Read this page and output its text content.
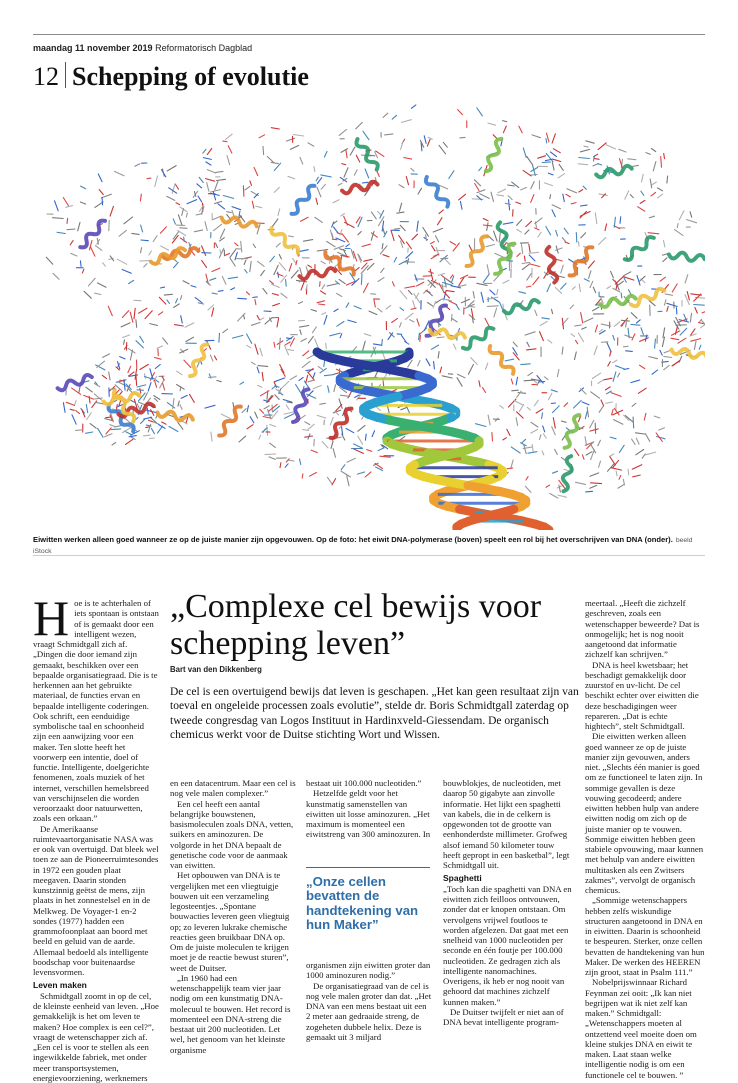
maandag 11 november 2019 Reformatorisch Dagblad
12 Schepping of evolutie
Eiwitten werken alleen goed wanneer ze op de juiste manier zijn opgevouwen. Op de foto: het eiwit DNA-polymerase (boven) speelt een rol bij het overschrijven van DNA (onder). beeld iStock

Hoe is te achterhalen of iets spontaan is ontstaan of is gemaakt door een intelligent wezen, vraagt Schmidtgall zich af. „Dingen die door iemand zijn gemaakt, beschikken over een bepaalde organisatiegraad. Die is te herkennen aan het gebruikte materiaal, de functies ervan en bepaalde intelligente coderingen. Ook schrift, een eenduidige symbolische taal en schoonheid zijn een aanwijzing voor een maker. Ten slotte heeft het voorwerp een intentie, doel of functie. Intelligente, doelgerichte fenomenen, zoals muziek of het internet, verschillen hemelsbreed van verschijnselen die worden veroorzaakt door natuurwetten, zoals een orkaan.”

De Amerikaanse ruimtevaartorganisatie NASA was er ook van overtuigd. Dat bleek wel toen ze aan de Pioneerruimtesondes in 1972 een gouden plaat meegaven. Daarin stonden kunstzinnig geëtst de mens, zijn plaats in het zonnestelsel en in de Melkweg. De Voyager-1 en-2 sondes (1977) hadden een grammofoonplaat aan boord met beeld en geluid van de aarde. Allemaal bedoeld als intelligente boodschap voor buitenaardse levensvormen.

Leven maken

Schmidtgall zoomt in op de cel, de kleinste eenheid van leven. „Hoe gemakkelijk is het om leven te maken? Hoe complex is een cel?”, vraagt de wetenschapper zich af. „Een cel is voor te stellen als een ingewikkelde fabriek, met onder meer transportsystemen, energievoorziening, werknemers

„Complexe cel bewijs voor schepping leven”
Bart van den Dikkenberg

De cel is een overtuigend bewijs dat leven is geschapen. „Het kan geen resultaat zijn van toeval en ongeleide processen zoals evolutie”, stelde dr. Boris Schmidtgall zaterdag op tweede congresdag van Logos Instituut in Hardinxveld-Giessendam. De organisch chemicus werkt voor de Duitse stichting Wort und Wissen.

en een datacentrum. Maar een cel is nog vele malen complexer.”

Een cel heeft een aantal belangrijke bouwstenen, basismoleculen zoals DNA, vetten, suikers en aminozuren. De volgorde in het DNA bepaalt de genetische code voor de aanmaak van eiwitten.

Het opbouwen van DNA is te vergelijken met een vliegtuigje bouwen uit een verzameling legosteentjes. „Spontane bouwacties leveren geen vliegtuig op; zo leveren lukrake chemische reacties geen bruikbaar DNA op. Om de juiste moleculen te krijgen moet je de reactie bewust sturen”, weet de Duitser.

„In 1960 had een wetenschappelijk team vier jaar nodig om een kunstmatig DNA-molecuul te bouwen. Het record is momenteel een DNA-streng die bestaat uit 200 nucleotiden. Let wel, het genoom van het kleinste organisme

bestaat uit 100.000 nucleotiden.”

Hetzelfde geldt voor het kunstmatig samenstellen van eiwitten uit losse aminozuren. „Het maximum is momenteel een eiwitstreng van 300 aminozuren. In

„Onze cellen bevatten de handtekening van hun Maker”

organismen zijn eiwitten groter dan 1000 aminozuren nodig.”

De organisatiegraad van de cel is nog vele malen groter dan dat. „Het DNA van een mens bestaat uit een 2 meter aan gedraaide streng, de zogeheten dubbele helix. Deze is gemaakt uit 3 miljard

bouwblokjes, de nucleotiden, met daarop 50 gigabyte aan zinvolle informatie. Het lijkt een spaghetti van kabels, die in de celkern is opgewonden tot de grootte van eenhonderdste millimeter. Grofweg alsof iemand 50 kilometer touw heeft gepropt in een basketbal”, legt Schmidtgall uit.

Spaghetti

„Toch kan die spaghetti van DNA en eiwitten zich feilloos ontvouwen, zonder dat er knopen ontstaan. Om vervolgens vrijwel foutloos te worden afgelezen. Dat gaat met een snelheid van 1000 nucleotiden per seconde en één foutje per 100.000 nucleotiden. Ze gedragen zich als intelligente nanomachines. Overigens, ik heb er nog nooit van gehoord dat machines zichzelf kunnen maken.”

De Duitser twijfelt er niet aan of DNA bevat intelligente program-

meertaal. „Heeft die zichzelf geschreven, zoals een wetenschapper beweerde? Dat is onmogelijk; het is nog nooit aangetoond dat informatie zichzelf kan schrijven.”

DNA is heel kwetsbaar; het beschadigt gemakkelijk door zuurstof en uv-licht. De cel beschikt echter over eiwitten die deze beschadigingen weer repareren. „Dat is echte hightech”, stelt Schmidtgall.

Die eiwitten werken alleen goed wanneer ze op de juiste manier zijn gevouwen, anders niet. „Slechts één manier is goed om ze functioneel te laten zijn. In sommige gevallen is deze vouwing gecodeerd; andere eiwitten hebben hulp van andere eiwitten nodig om zich op de juiste manier op te vouwen. Sommige eiwitten hebben geen stabiele opvouwing, maar kunnen met behulp van andere eiwitten multitasken als een Zwitsers zakmes”, vervolgt de organisch chemicus.

„Sommige wetenschappers hebben zelfs wiskundige structuren aangetoond in DNA en in eiwitten. Daarin is schoonheid te bespeuren. Sterker, onze cellen bevatten de handtekening van hun Maker. De werken des HEEREN zijn groot, staat in Psalm 111.”

Nobelprijswinnaar Richard Feynman zei ooit: „Ik kan niet begrijpen wat ik niet zelf kan maken.” Schmidtgall: „Wetenschappers moeten al ontzettend veel moeite doen om kleine stukjes DNA en eiwit te maken. Laat staan welke intelligentie nodig is om een functionele cel te bouwen. ”
